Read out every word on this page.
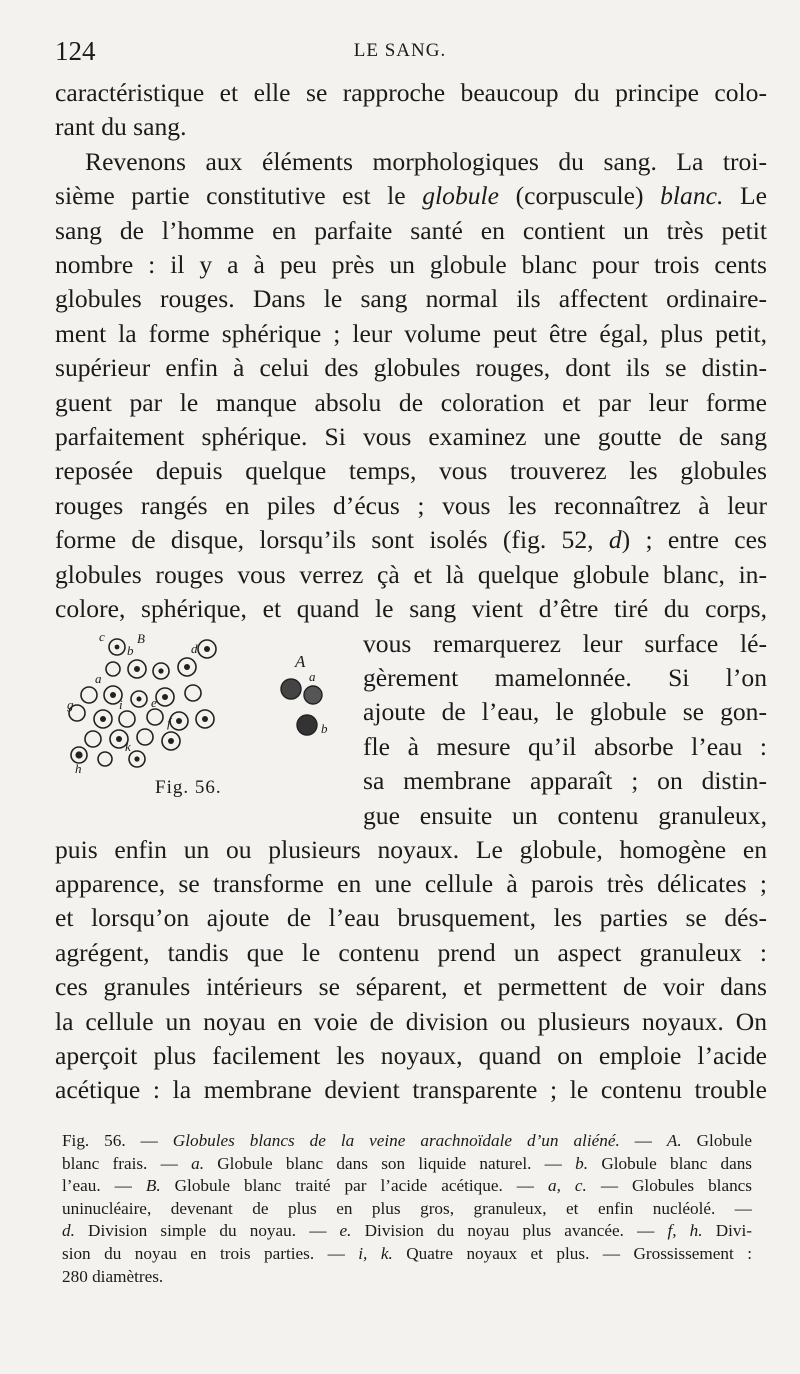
124	LE SANG.
caractéristique et elle se rapproche beaucoup du principe colo-
rant du sang.
Revenons aux éléments morphologiques du sang. La troi-
sième partie constitutive est le globule (corpuscule) blanc. Le
sang de l’homme en parfaite santé en contient un très petit
nombre : il y a à peu près un globule blanc pour trois cents
globules rouges. Dans le sang normal ils affectent ordinaire-
ment la forme sphérique ; leur volume peut être égal, plus petit,
supérieur enfin à celui des globules rouges, dont ils se distin-
guent par le manque absolu de coloration et par leur forme
parfaitement sphérique. Si vous examinez une goutte de sang
reposée depuis quelque temps, vous trouverez les globules
rouges rangés en piles d’écus ; vous les reconnaîtrez à leur
forme de disque, lorsqu’ils sont isolés (fig. 52, d) ; entre ces
globules rouges vous verrez çà et là quelque globule blanc, in-
colore, sphérique, et quand le sang vient d’être tiré du corps,
c B
b	d
a
g	i e
f
h
k
A
a
b
Fig. 56.
vous remarquerez leur surface lé-
gèrement mamelonnée. Si l’on
ajoute de l’eau, le globule se gon-
fle à mesure qu’il absorbe l’eau :
sa membrane apparaît ; on distin-
gue ensuite un contenu granuleux,
puis enfin un ou plusieurs noyaux. Le globule, homogène en
apparence, se transforme en une cellule à parois très délicates ;
et lorsqu’on ajoute de l’eau brusquement, les parties se dés-
agrégent, tandis que le contenu prend un aspect granuleux :
ces granules intérieurs se séparent, et permettent de voir dans
la cellule un noyau en voie de division ou plusieurs noyaux. On
aperçoit plus facilement les noyaux, quand on emploie l’acide
acétique : la membrane devient transparente ; le contenu trouble
Fig. 56. — Globules blancs de la veine arachnoïdale d’un aliéné. — A. Globule
blanc frais. — a. Globule blanc dans son liquide naturel. — b. Globule blanc dans
l’eau. — B. Globule blanc traité par l’acide acétique. — a, c. — Globules blancs
uninucléaire, devenant de plus en plus gros, granuleux, et enfin nucléolé. —
d. Division simple du noyau. — e. Division du noyau plus avancée. — f, h. Divi-
sion du noyau en trois parties. — i, k. Quatre noyaux et plus. — Grossissement :
280 diamètres.
